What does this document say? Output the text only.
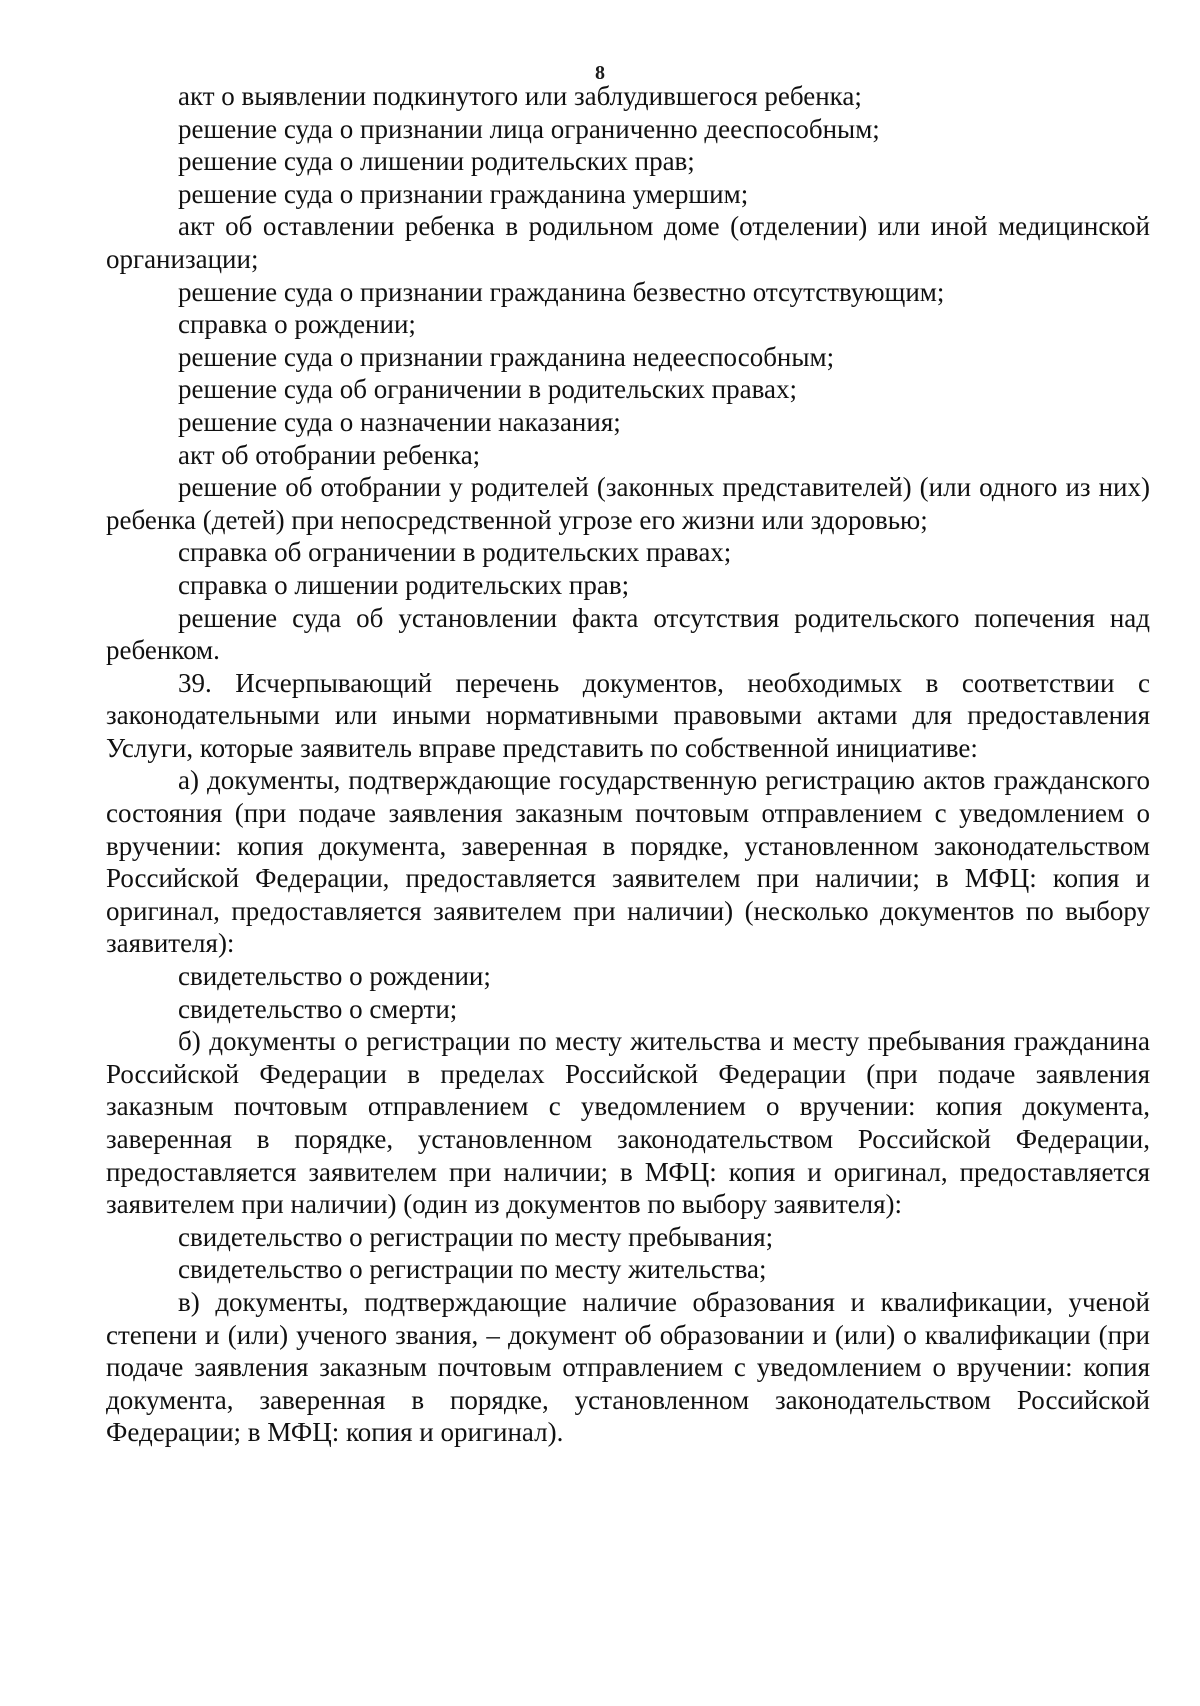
8

акт о выявлении подкинутого или заблудившегося ребенка;

решение суда о признании лица ограниченно дееспособным;

решение суда о лишении родительских прав;

решение суда о признании гражданина умершим;

акт об оставлении ребенка в родильном доме (отделении) или иной медицинской организации;

решение суда о признании гражданина безвестно отсутствующим;

справка о рождении;

решение суда о признании гражданина недееспособным;

решение суда об ограничении в родительских правах;

решение суда о назначении наказания;

акт об отобрании ребенка;

решение об отобрании у родителей (законных представителей) (или одного из них) ребенка (детей) при непосредственной угрозе его жизни или здоровью;

справка об ограничении в родительских правах;

справка о лишении родительских прав;

решение суда об установлении факта отсутствия родительского попечения над ребенком.

39. Исчерпывающий перечень документов, необходимых в соответствии с законодательными или иными нормативными правовыми актами для предоставления Услуги, которые заявитель вправе представить по собственной инициативе:

а) документы, подтверждающие государственную регистрацию актов гражданского состояния (при подаче заявления заказным почтовым отправлением с уведомлением о вручении: копия документа, заверенная в порядке, установленном законодательством Российской Федерации, предоставляется заявителем при наличии; в МФЦ: копия и оригинал, предоставляется заявителем при наличии) (несколько документов по выбору заявителя):

свидетельство о рождении;

свидетельство о смерти;

б) документы о регистрации по месту жительства и месту пребывания гражданина Российской Федерации в пределах Российской Федерации (при подаче заявления заказным почтовым отправлением с уведомлением о вручении: копия документа, заверенная в порядке, установленном законодательством Российской Федерации, предоставляется заявителем при наличии; в МФЦ: копия и оригинал, предоставляется заявителем при наличии) (один из документов по выбору заявителя):

свидетельство о регистрации по месту пребывания;

свидетельство о регистрации по месту жительства;

в) документы, подтверждающие наличие образования и квалификации, ученой степени и (или) ученого звания, – документ об образовании и (или) о квалификации (при подаче заявления заказным почтовым отправлением с уведомлением о вручении: копия документа, заверенная в порядке, установленном законодательством Российской Федерации; в МФЦ: копия и оригинал).
